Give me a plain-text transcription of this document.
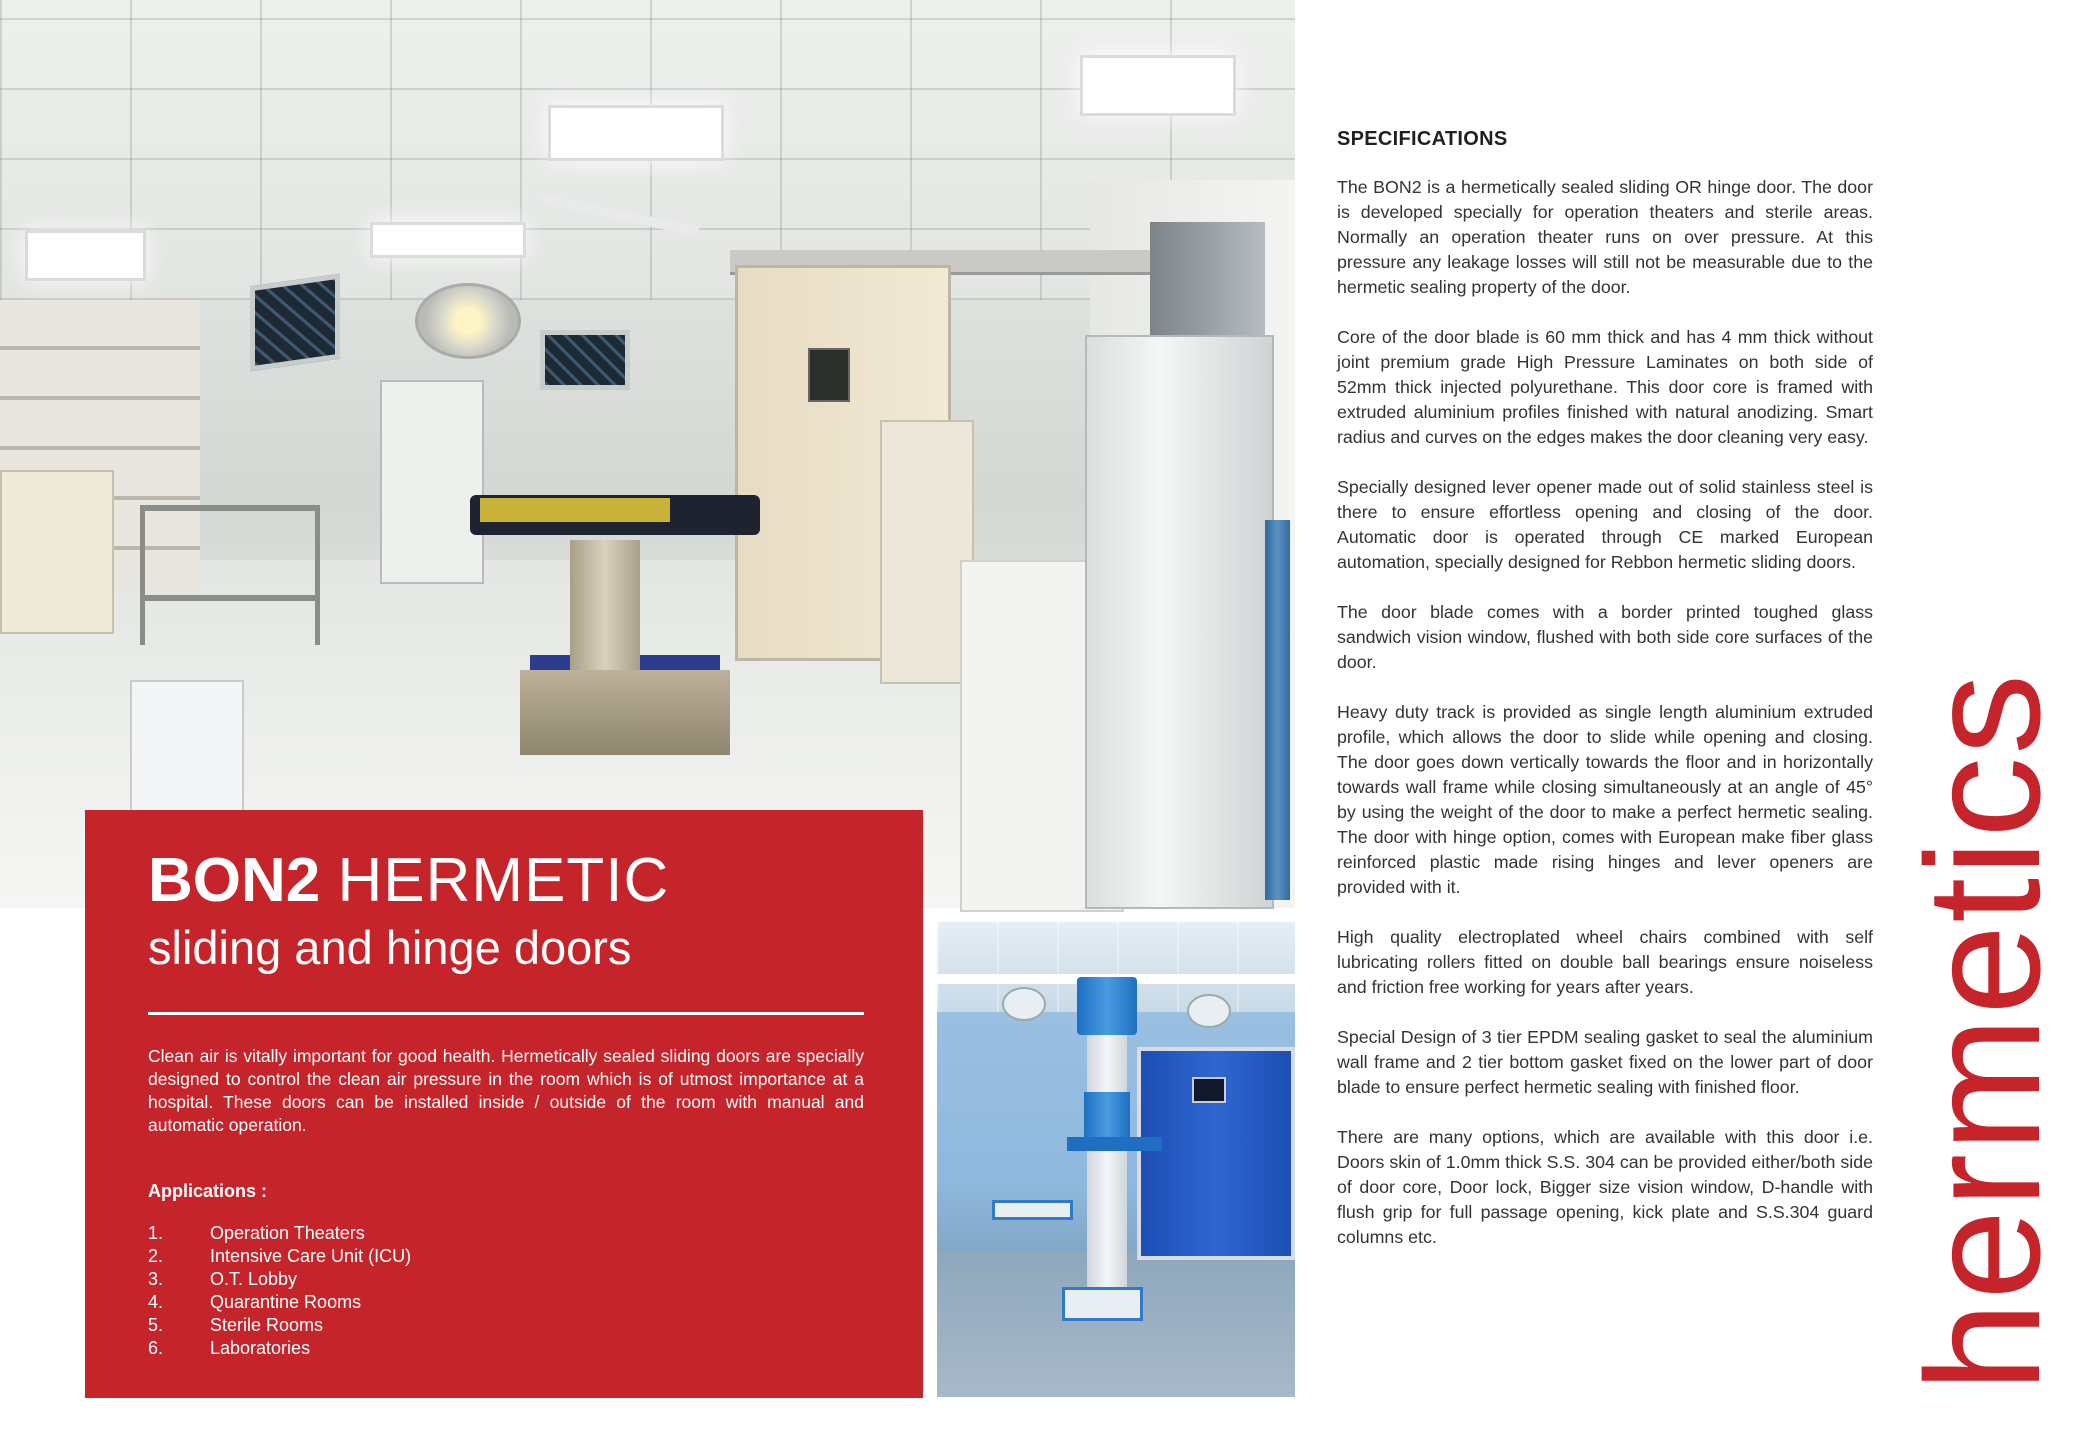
BON2 HERMETIC
sliding and hinge doors

Clean air is vitally important for good health. Hermetically sealed sliding doors are specially designed to control the clean air pressure in the room which is of utmost importance at a hospital. These doors can be installed inside / outside of the room with manual and automatic operation.

Applications :
1.	Operation Theaters
2.	Intensive Care Unit (ICU)
3.	O.T. Lobby
4.	Quarantine Rooms
5.	Sterile Rooms
6.	Laboratories
SPECIFICATIONS

The BON2 is a hermetically sealed sliding OR hinge door. The door is developed specially for operation theaters and sterile areas. Normally an operation theater runs on over pressure. At this pressure any leakage losses will still not be measurable due to the hermetic sealing property of the door.

Core of the door blade is 60 mm thick and has 4 mm thick without joint premium grade High Pressure Laminates on both side of 52mm thick injected polyurethane. This door core is framed with extruded aluminium profiles finished with natural anodizing. Smart radius and curves on the edges makes the door cleaning very easy.

Specially designed lever opener made out of solid stainless steel is there to ensure effortless opening and closing of the door. Automatic door is operated through CE marked European automation, specially designed for Rebbon hermetic sliding doors.

The door blade comes with a border printed toughed glass sandwich vision window, flushed with both side core surfaces of the door.

Heavy duty track is provided as single length aluminium extruded profile, which allows the door to slide while opening and closing. The door goes down vertically towards the floor and in horizontally towards wall frame while closing simultaneously at an angle of 45° by using the weight of the door to make a perfect hermetic sealing. The door with hinge option, comes with European make fiber glass reinforced plastic made rising hinges and lever openers are provided with it.

High quality electroplated wheel chairs combined with self lubricating rollers fitted on double ball bearings ensure noiseless and friction free working for years after years.

Special Design of 3 tier EPDM sealing gasket to seal the aluminium wall frame and 2 tier bottom gasket fixed on the lower part of door blade to ensure perfect hermetic sealing with finished floor.

There are many options, which are available with this door i.e. Doors skin of 1.0mm thick S.S. 304 can be provided either/both side of door core, Door lock, Bigger size vision window, D-handle with flush grip for full passage opening, kick plate and S.S.304 guard columns etc.	hermetics
